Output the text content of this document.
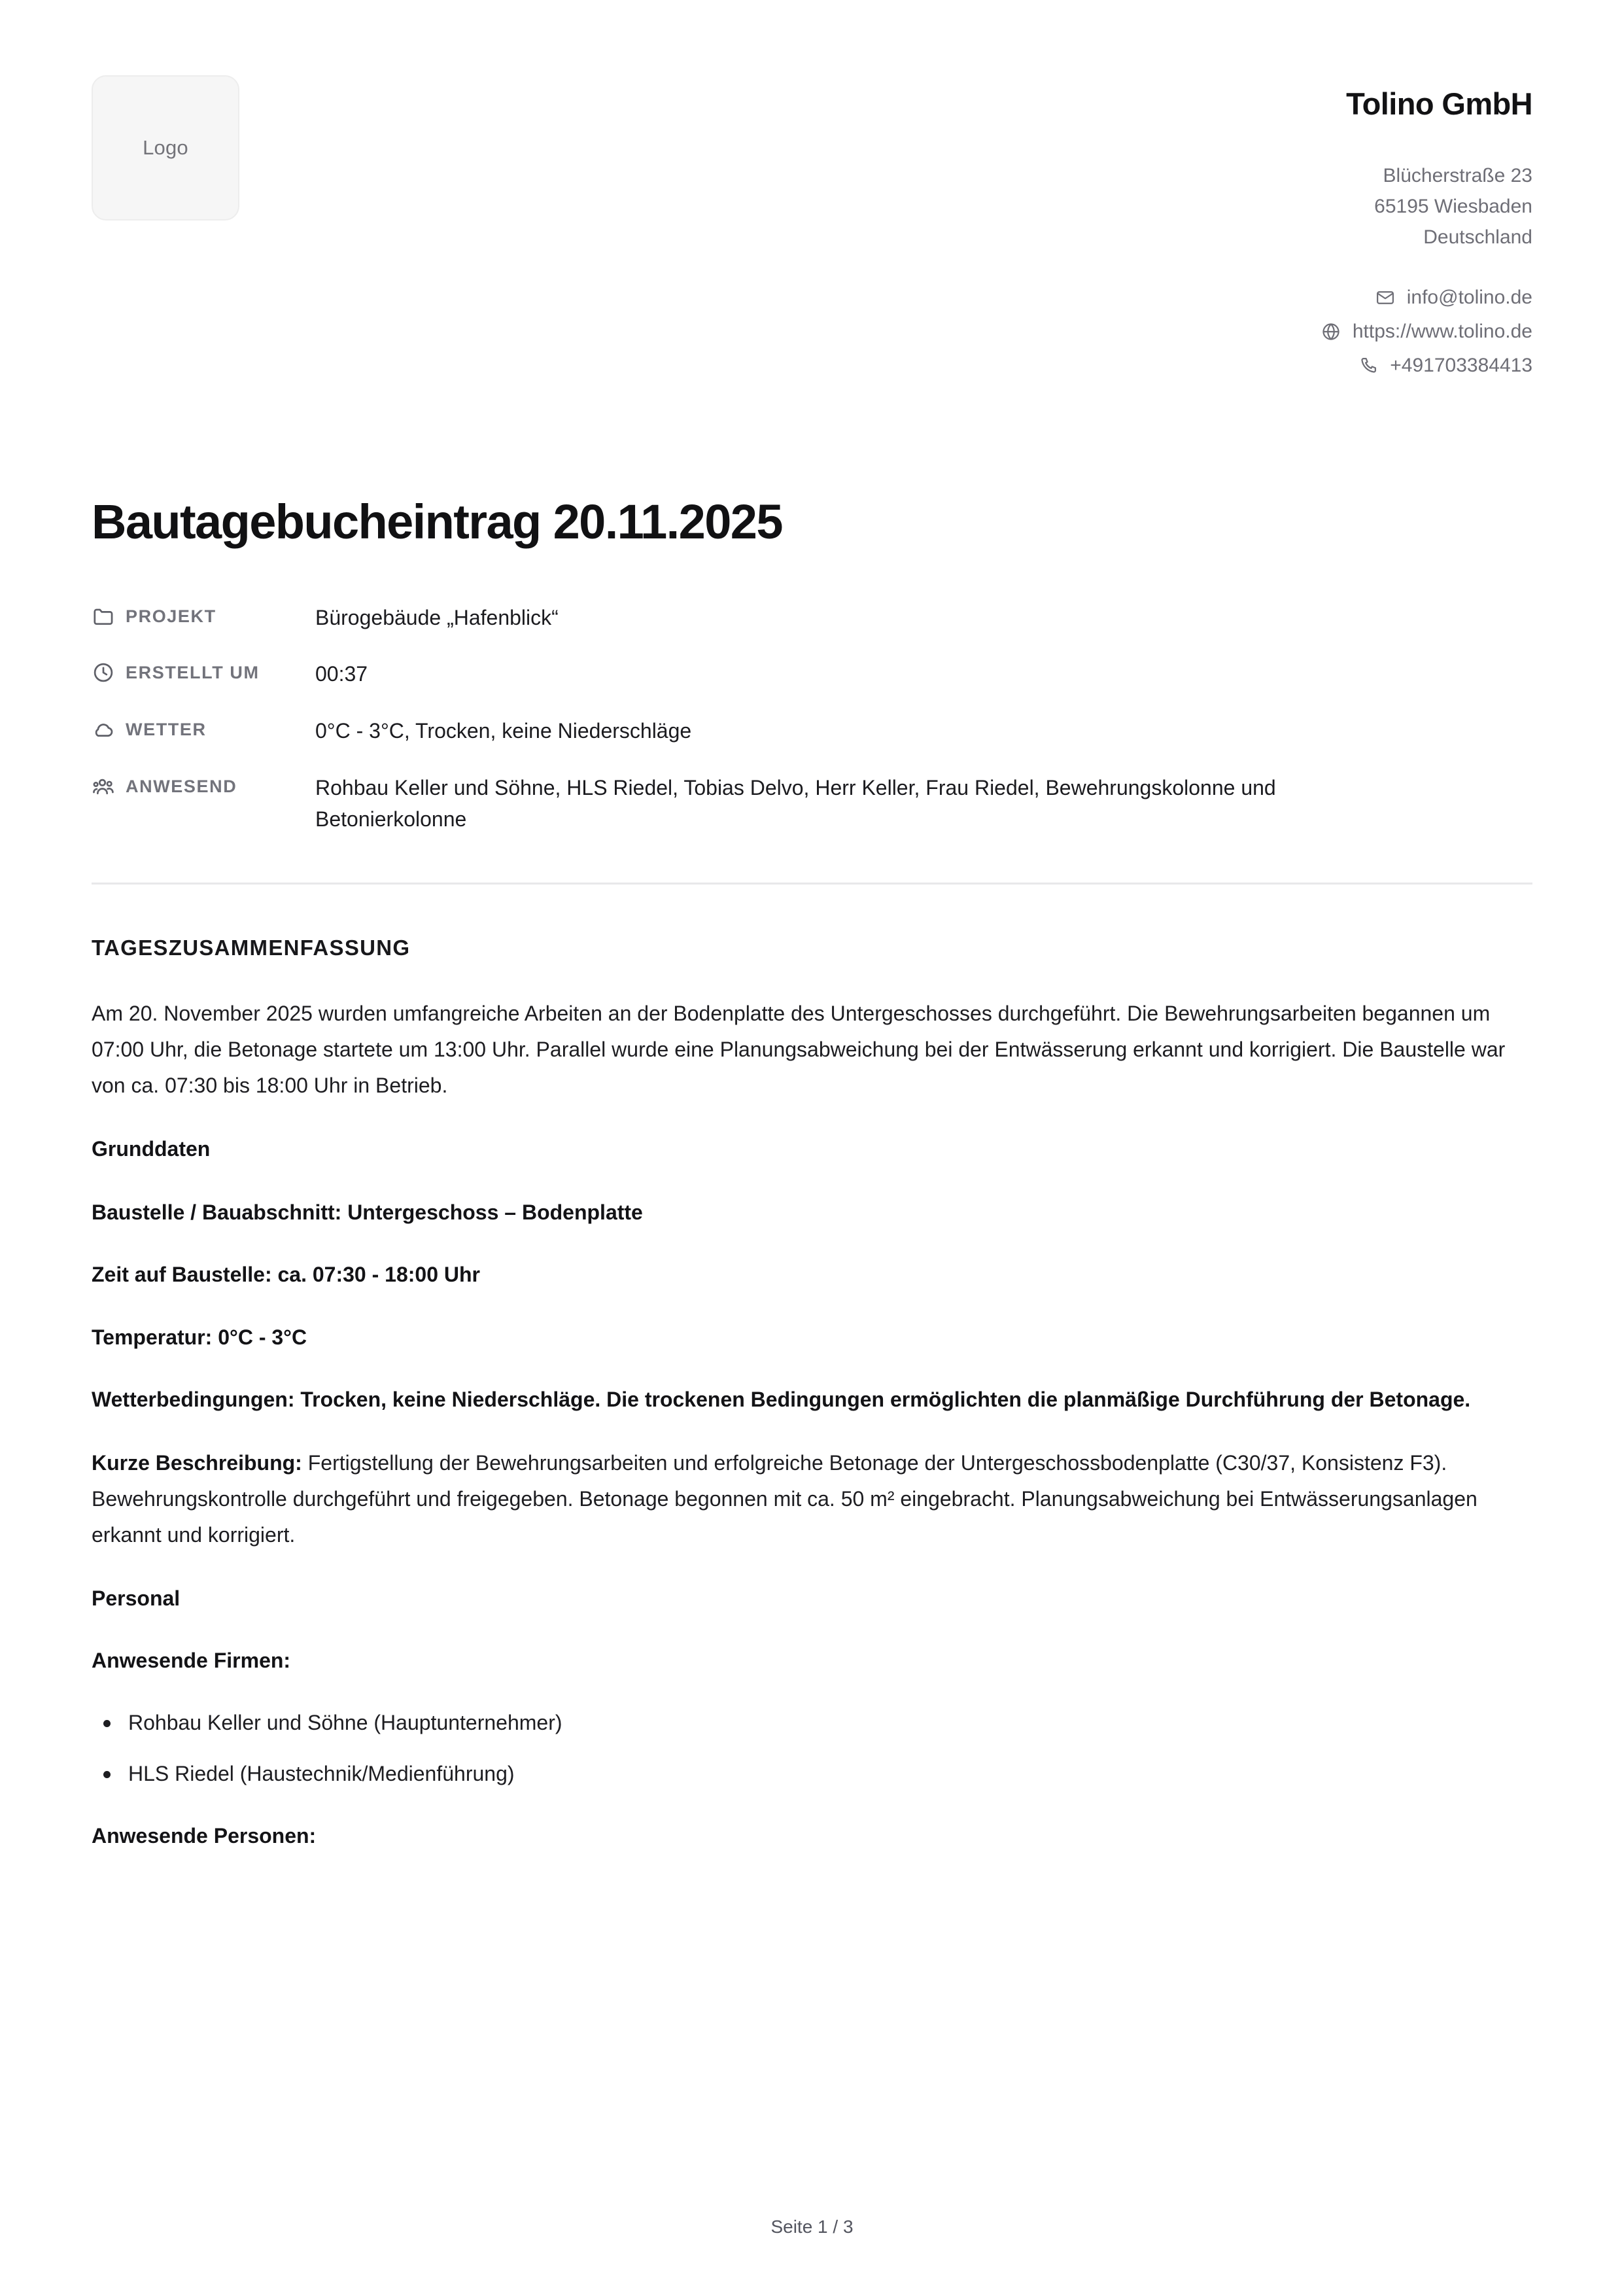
Logo
Tolino GmbH
Blücherstraße 23
65195 Wiesbaden
Deutschland
info@tolino.de
https://www.tolino.de
+491703384413
Bautagebucheintrag 20.11.2025
PROJEKT	Bürogebäude „Hafenblick“
ERSTELLT UM	00:37
WETTER	0°C - 3°C, Trocken, keine Niederschläge
ANWESEND	Rohbau Keller und Söhne, HLS Riedel, Tobias Delvo, Herr Keller, Frau Riedel, Bewehrungskolonne und Betonierkolonne
TAGESZUSAMMENFASSUNG

Am 20. November 2025 wurden umfangreiche Arbeiten an der Bodenplatte des Untergeschosses durchgeführt. Die Bewehrungsarbeiten begannen um 07:00 Uhr, die Betonage startete um 13:00 Uhr. Parallel wurde eine Planungsabweichung bei der Entwässerung erkannt und korrigiert. Die Baustelle war von ca. 07:30 bis 18:00 Uhr in Betrieb.

Grunddaten
Baustelle / Bauabschnitt: Untergeschoss – Bodenplatte
Zeit auf Baustelle: ca. 07:30 - 18:00 Uhr
Temperatur: 0°C - 3°C
Wetterbedingungen: Trocken, keine Niederschläge. Die trockenen Bedingungen ermöglichten die planmäßige Durchführung der Betonage.

Kurze Beschreibung: Fertigstellung der Bewehrungsarbeiten und erfolgreiche Betonage der Untergeschossbodenplatte (C30/37, Konsistenz F3). Bewehrungskontrolle durchgeführt und freigegeben. Betonage begonnen mit ca. 50 m² eingebracht. Planungsabweichung bei Entwässerungsanlagen erkannt und korrigiert.

Personal
Anwesende Firmen:
Rohbau Keller und Söhne (Hauptunternehmer)
HLS Riedel (Haustechnik/Medienführung)
Anwesende Personen:
Seite 1 / 3
